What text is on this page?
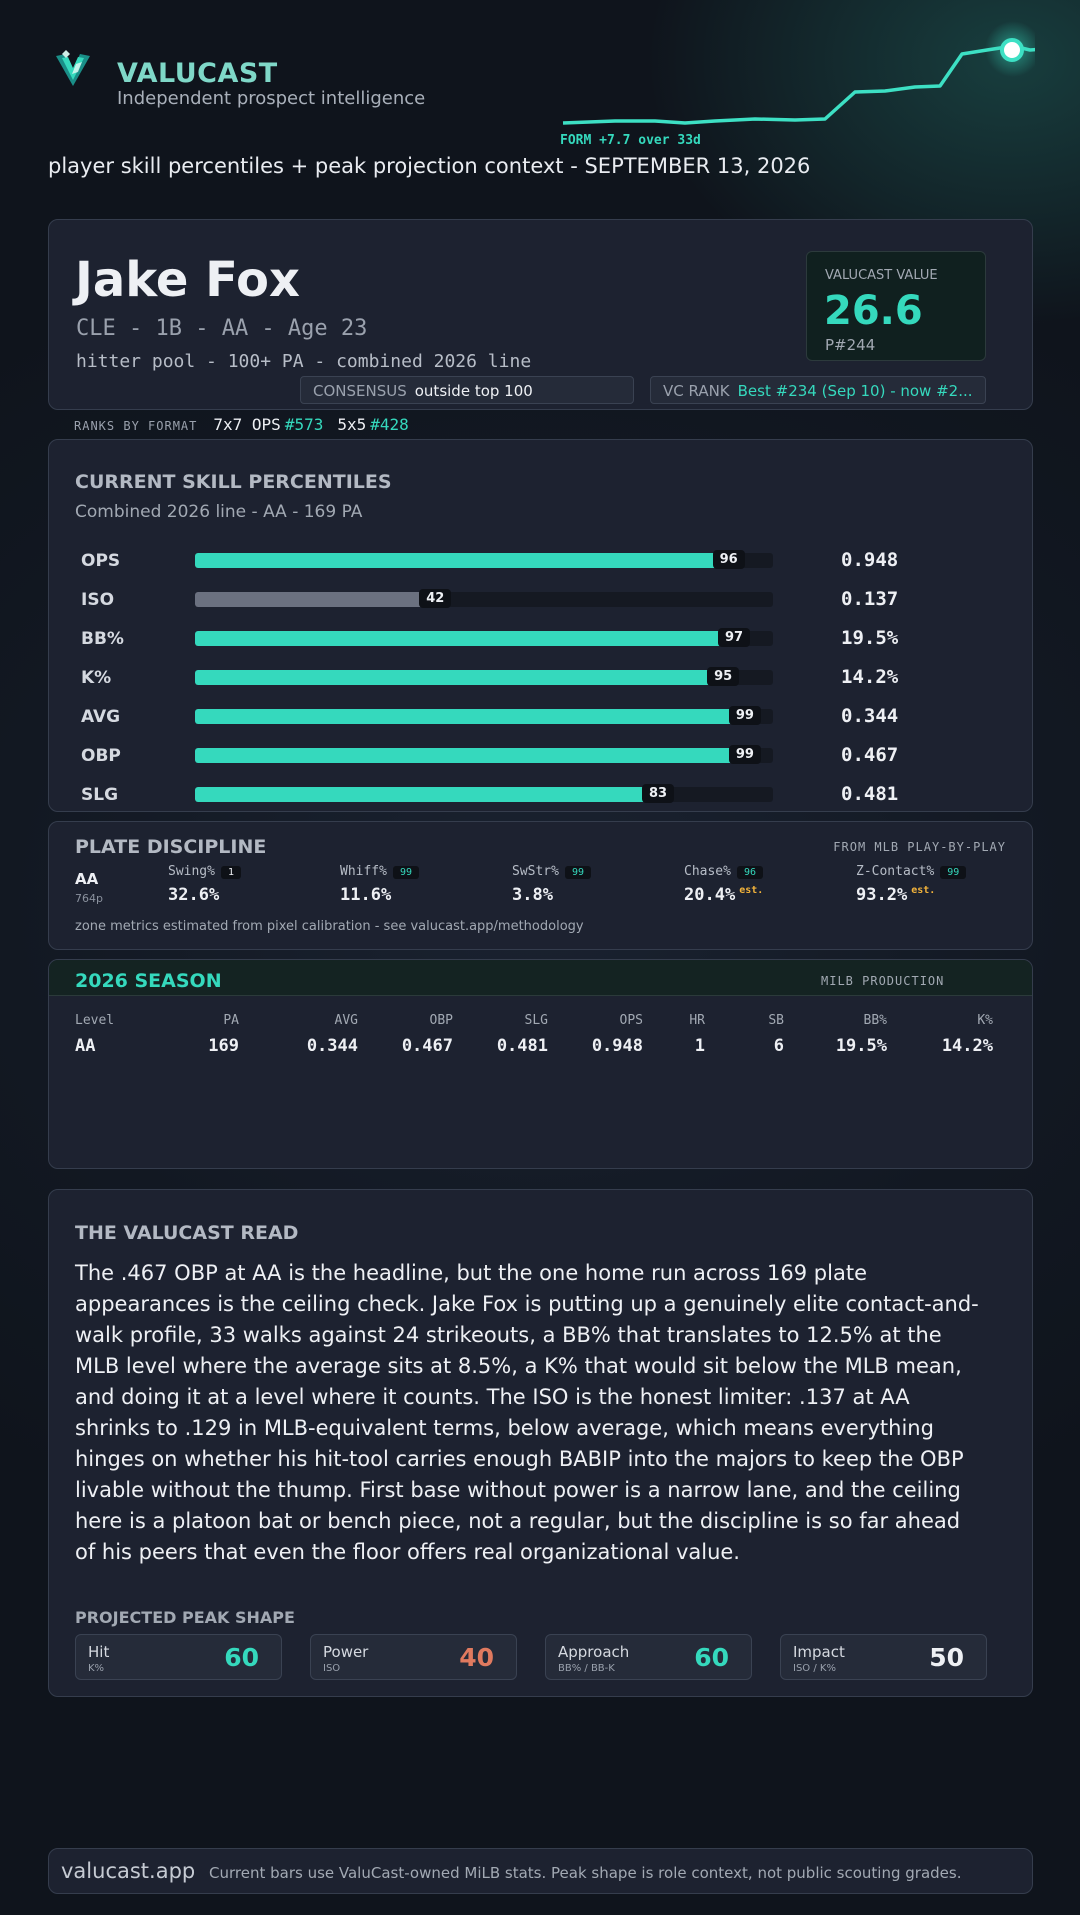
VALUCAST
Independent prospect intelligence
FORM +7.7 over 33d
player skill percentiles + peak projection context - SEPTEMBER 13, 2026
Jake Fox
CLE - 1B - AA - Age 23
hitter pool - 100+ PA - combined 2026 line
VALUCAST VALUE
26.6
P#244
CONSENSUS outside top 100	VC RANK Best #234 (Sep 10) - now #2...
RANKS BY FORMAT 7x7 OPS #573 5x5 #428
CURRENT SKILL PERCENTILES
Combined 2026 line - AA - 169 PA
OPS	96	0.948
ISO	42	0.137
BB%	97	19.5%
K%	95	14.2%
AVG	99	0.344
OBP	99	0.467
SLG	83	0.481
PLATE DISCIPLINE	FROM MLB PLAY-BY-PLAY
AA
764p
Swing% 1
32.6%
Whiff% 99
11.6%
SwStr% 99
3.8%
Chase% 96
20.4% $^{est.}$
Z-Contact% 99
93.2% $^{est.}$
zone metrics estimated from pixel calibration - see valucast.app/methodology
2026 SEASON	MILB PRODUCTION
Level	PA	AVG	OBP	SLG	OPS	HR	SB	BB%	K%
AA	169	0.344	0.467	0.481	0.948	1	6	19.5%	14.2%
THE VALUCAST READ
The .467 OBP at AA is the headline, but the one home run across 169 plate appearances is the ceiling check. Jake Fox is putting up a genuinely elite contact-and-walk profile, 33 walks against 24 strikeouts, a BB% that translates to 12.5% at the MLB level where the average sits at 8.5%, a K% that would sit below the MLB mean, and doing it at a level where it counts. The ISO is the honest limiter: .137 at AA shrinks to .129 in MLB-equivalent terms, below average, which means everything hinges on whether his hit-tool carries enough BABIP into the majors to keep the OBP livable without the thump. First base without power is a narrow lane, and the ceiling here is a platoon bat or bench piece, not a regular, but the discipline is so far ahead of his peers that even the floor offers real organizational value.
PROJECTED PEAK SHAPE
Hit
K%	60	Power
ISO	40	Approach
BB% / BB-K	60	Impact
ISO / K%	50
valucast.app Current bars use ValuCast-owned MiLB stats. Peak shape is role context, not public scouting grades.
